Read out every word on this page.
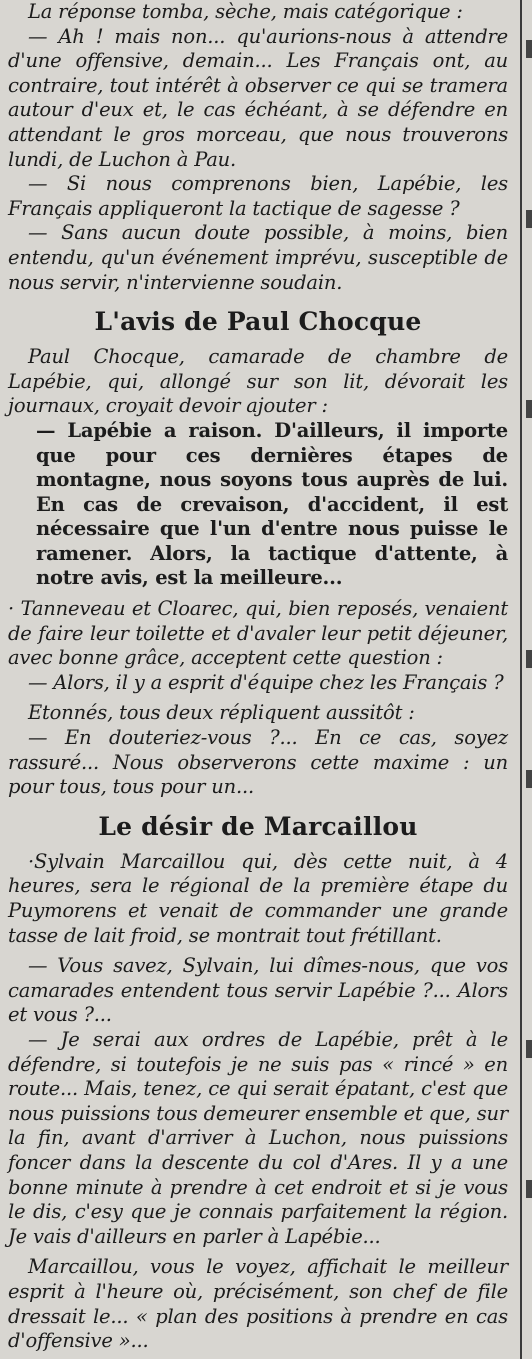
La réponse tomba, sèche, mais catégorique :

— Ah ! mais non... qu'aurions-nous à attendre d'une offensive, demain... Les Français ont, au contraire, tout intérêt à observer ce qui se tramera autour d'eux et, le cas échéant, à se défendre en attendant le gros morceau, que nous trouverons lundi, de Luchon à Pau.

— Si nous comprenons bien, Lapébie, les Français appliqueront la tactique de sagesse ?

— Sans aucun doute possible, à moins, bien entendu, qu'un événement imprévu, susceptible de nous servir, n'intervienne soudain.

L'avis de Paul Chocque

Paul Chocque, camarade de chambre de Lapébie, qui, allongé sur son lit, dévorait les journaux, croyait devoir ajouter :

— Lapébie a raison. D'ailleurs, il importe que pour ces dernières étapes de montagne, nous soyons tous auprès de lui. En cas de crevaison, d'accident, il est nécessaire que l'un d'entre nous puisse le ramener. Alors, la tactique d'attente, à notre avis, est la meilleure...

· Tanneveau et Cloarec, qui, bien reposés, venaient de faire leur toilette et d'avaler leur petit déjeuner, avec bonne grâce, acceptent cette question :

— Alors, il y a esprit d'équipe chez les Français ?

Etonnés, tous deux répliquent aussitôt :

— En douteriez-vous ?... En ce cas, soyez rassuré... Nous observerons cette maxime : un pour tous, tous pour un...

Le désir de Marcaillou

·Sylvain Marcaillou qui, dès cette nuit, à 4 heures, sera le régional de la première étape du Puymorens et venait de commander une grande tasse de lait froid, se montrait tout frétillant.

— Vous savez, Sylvain, lui dîmes-nous, que vos camarades entendent tous servir Lapébie ?... Alors et vous ?...

— Je serai aux ordres de Lapébie, prêt à le défendre, si toutefois je ne suis pas « rincé » en route... Mais, tenez, ce qui serait épatant, c'est que nous puissions tous demeurer ensemble et que, sur la fin, avant d'arriver à Luchon, nous puissions foncer dans la descente du col d'Ares. Il y a une bonne minute à prendre à cet endroit et si je vous le dis, c'esy que je connais parfaitement la région. Je vais d'ailleurs en parler à Lapébie...

Marcaillou, vous le voyez, affichait le meilleur esprit à l'heure où, précisément, son chef de file dressait le... « plan des positions à prendre en cas d'offensive »...
